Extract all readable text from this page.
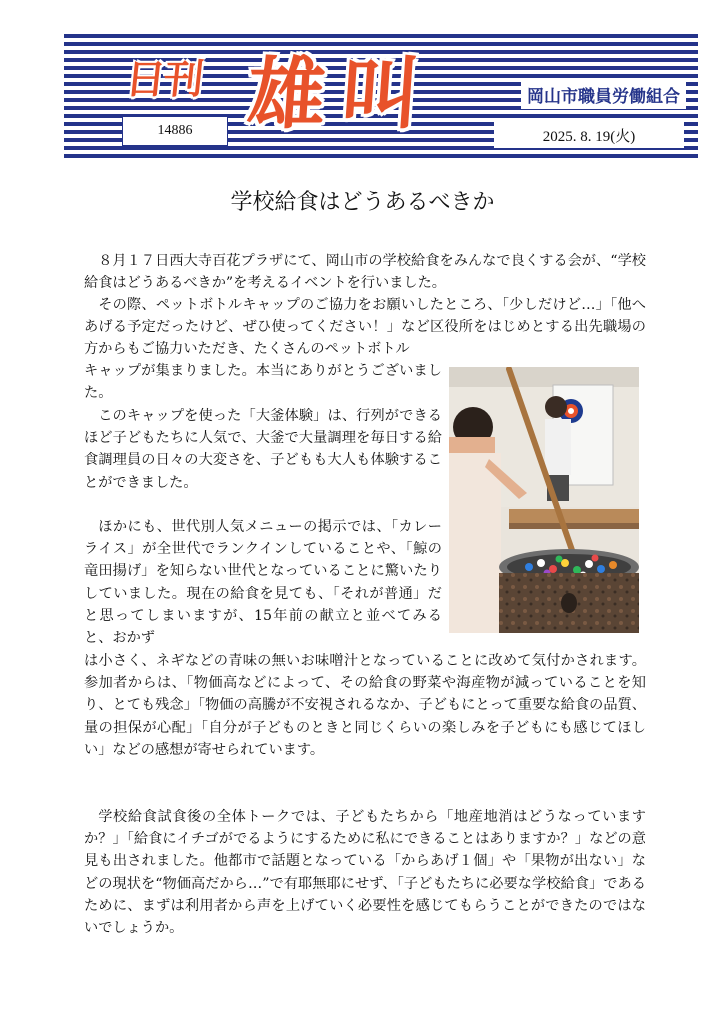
日刊 雄叫	岡山市職員労働組合
14886	2025. 8. 19(火)
学校給食はどうあるべきか

８月１７日西大寺百花プラザにて、岡山市の学校給食をみんなで良くする会が、“学校給食はどうあるべきか”を考えるイベントを行いました。

その際、ペットボトルキャップのご協力をお願いしたところ、「少しだけど…」「他へあげる予定だったけど、ぜひ使ってください！」など区役所をはじめとする出先職場の方からもご協力いただき、たくさんのペットボトル

キャップが集まりました。本当にありがとうございました。

このキャップを使った「大釜体験」は、行列ができるほど子どもたちに人気で、大釜で大量調理を毎日する給食調理員の日々の大変さを、子どもも大人も体験することができました。

ほかにも、世代別人気メニューの掲示では、「カレーライス」が全世代でランクインしていることや、「鯨の竜田揚げ」を知らない世代となっていることに驚いたりしていました。現在の給食を見ても、「それが普通」だと思ってしまいますが、15年前の献立と並べてみると、おかず

は小さく、ネギなどの青味の無いお味噌汁となっていることに改めて気付かされます。参加者からは、「物価高などによって、その給食の野菜や海産物が減っていることを知り、とても残念」「物価の高騰が不安視されるなか、子どもにとって重要な給食の品質、量の担保が心配」「自分が子どものときと同じくらいの楽しみを子どもにも感じてほしい」などの感想が寄せられています。

学校給食試食後の全体トークでは、子どもたちから「地産地消はどうなっていますか？」「給食にイチゴがでるようにするために私にできることはありますか？」などの意見も出されました。他都市で話題となっている「からあげ１個」や「果物が出ない」などの現状を“物価高だから…”で有耶無耶にせず、「子どもたちに必要な学校給食」であるために、まずは利用者から声を上げていく必要性を感じてもらうことができたのではないでしょうか。
